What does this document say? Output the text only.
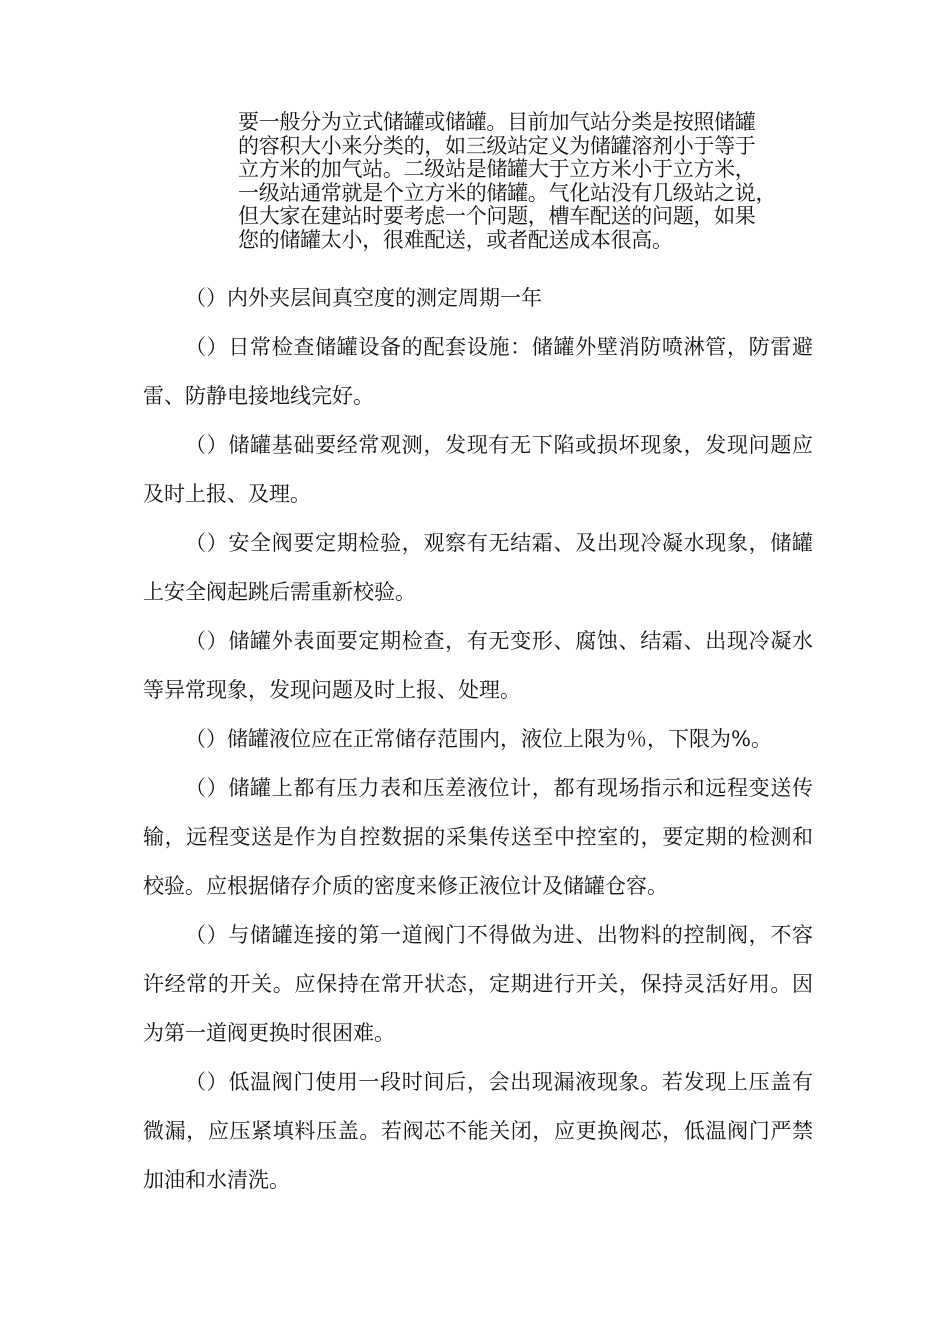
要一般分为立式储罐或储罐。目前加气站分类是按照储罐
的容积大小来分类的，如三级站定义为储罐溶剂小于等于
立方米的加气站。二级站是储罐大于立方米小于立方米，
一级站通常就是个立方米的储罐。气化站没有几级站之说，
但大家在建站时要考虑一个问题，槽车配送的问题，如果
您的储罐太小，很难配送，或者配送成本很高。

（）内外夹层间真空度的测定周期一年

（）日常检查储罐设备的配套设施：储罐外壁消防喷淋管，防雷避雷、防静电接地线完好。

（）储罐基础要经常观测，发现有无下陷或损坏现象，发现问题应及时上报、及理。

（）安全阀要定期检验，观察有无结霜、及出现冷凝水现象，储罐上安全阀起跳后需重新校验。

（）储罐外表面要定期检查，有无变形、腐蚀、结霜、出现冷凝水等异常现象，发现问题及时上报、处理。

（）储罐液位应在正常储存范围内，液位上限为％，下限为%。

（）储罐上都有压力表和压差液位计，都有现场指示和远程变送传输，远程变送是作为自控数据的采集传送至中控室的，要定期的检测和校验。应根据储存介质的密度来修正液位计及储罐仓容。

（）与储罐连接的第一道阀门不得做为进、出物料的控制阀，不容许经常的开关。应保持在常开状态，定期进行开关，保持灵活好用。因为第一道阀更换时很困难。

（）低温阀门使用一段时间后，会出现漏液现象。若发现上压盖有微漏，应压紧填料压盖。若阀芯不能关闭，应更换阀芯，低温阀门严禁加油和水清洗。
